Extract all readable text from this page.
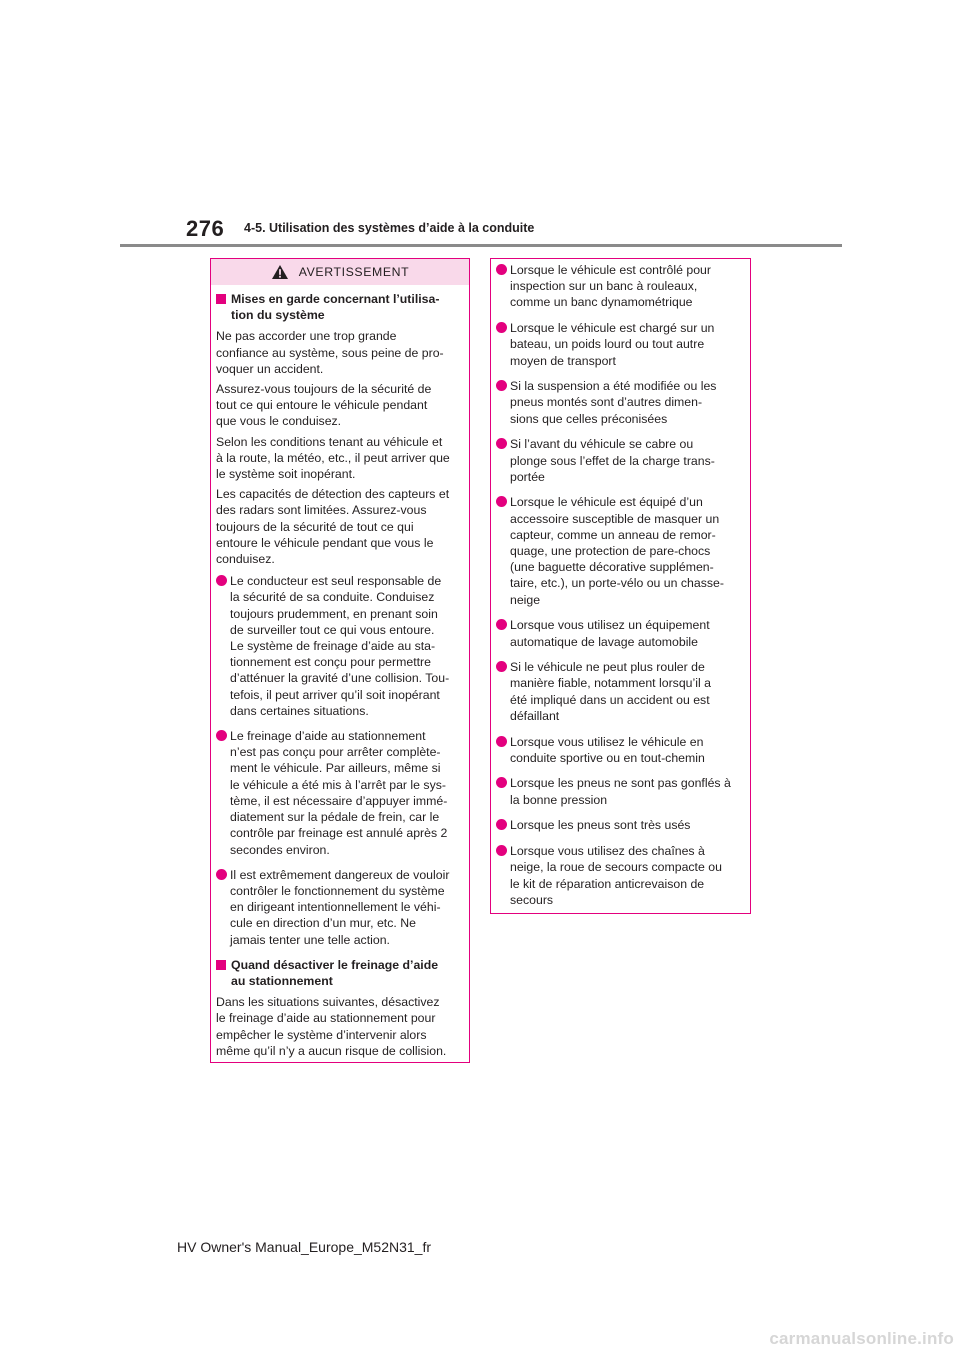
276 4-5. Utilisation des systèmes d’aide à la conduite
AVERTISSEMENT
Mises en garde concernant l’utilisa-
tion du système
Ne pas accorder une trop grande
confiance au système, sous peine de pro-
voquer un accident.
Assurez-vous toujours de la sécurité de
tout ce qui entoure le véhicule pendant
que vous le conduisez.
Selon les conditions tenant au véhicule et
à la route, la météo, etc., il peut arriver que
le système soit inopérant.
Les capacités de détection des capteurs et
des radars sont limitées. Assurez-vous
toujours de la sécurité de tout ce qui
entoure le véhicule pendant que vous le
conduisez.
Le conducteur est seul responsable de
la sécurité de sa conduite. Conduisez
toujours prudemment, en prenant soin
de surveiller tout ce qui vous entoure.
Le système de freinage d’aide au sta-
tionnement est conçu pour permettre
d’atténuer la gravité d’une collision. Tou-
tefois, il peut arriver qu’il soit inopérant
dans certaines situations.
Le freinage d’aide au stationnement
n’est pas conçu pour arrêter complète-
ment le véhicule. Par ailleurs, même si
le véhicule a été mis à l’arrêt par le sys-
tème, il est nécessaire d’appuyer immé-
diatement sur la pédale de frein, car le
contrôle par freinage est annulé après 2
secondes environ.
Il est extrêmement dangereux de vouloir
contrôler le fonctionnement du système
en dirigeant intentionnellement le véhi-
cule en direction d’un mur, etc. Ne
jamais tenter une telle action.
Quand désactiver le freinage d’aide
au stationnement
Dans les situations suivantes, désactivez
le freinage d’aide au stationnement pour
empêcher le système d’intervenir alors
même qu’il n’y a aucun risque de collision.
Lorsque le véhicule est contrôlé pour
inspection sur un banc à rouleaux,
comme un banc dynamométrique
Lorsque le véhicule est chargé sur un
bateau, un poids lourd ou tout autre
moyen de transport
Si la suspension a été modifiée ou les
pneus montés sont d’autres dimen-
sions que celles préconisées
Si l’avant du véhicule se cabre ou
plonge sous l’effet de la charge trans-
portée
Lorsque le véhicule est équipé d’un
accessoire susceptible de masquer un
capteur, comme un anneau de remor-
quage, une protection de pare-chocs
(une baguette décorative supplémen-
taire, etc.), un porte-vélo ou un chasse-
neige
Lorsque vous utilisez un équipement
automatique de lavage automobile
Si le véhicule ne peut plus rouler de
manière fiable, notamment lorsqu’il a
été impliqué dans un accident ou est
défaillant
Lorsque vous utilisez le véhicule en
conduite sportive ou en tout-chemin
Lorsque les pneus ne sont pas gonflés à
la bonne pression
Lorsque les pneus sont très usés
Lorsque vous utilisez des chaînes à
neige, la roue de secours compacte ou
le kit de réparation anticrevaison de
secours
HV Owner's Manual_Europe_M52N31_fr
carmanualsonline.info
